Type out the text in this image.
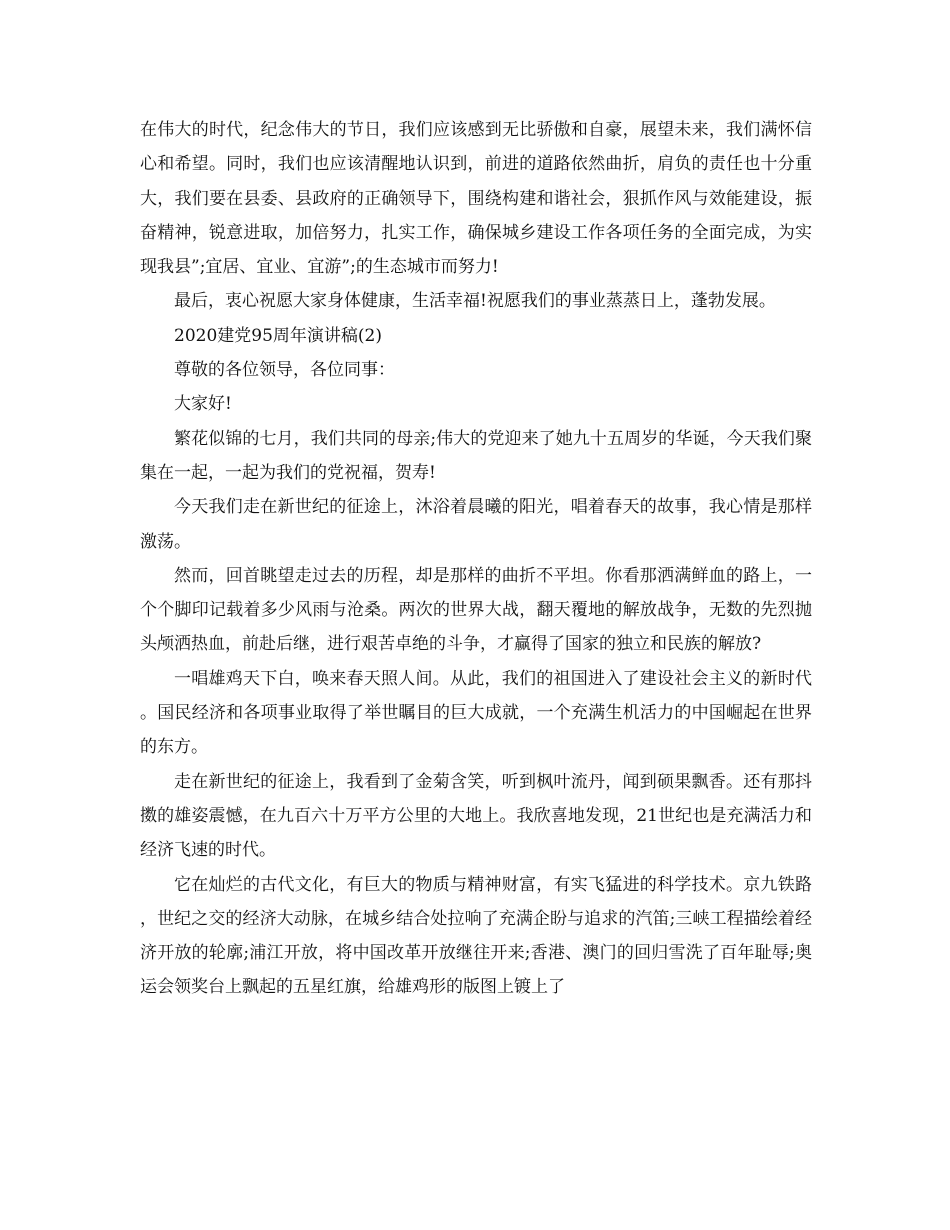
在伟大的时代，纪念伟大的节日，我们应该感到无比骄傲和自豪，展望未来，我们满怀信心和希望。同时，我们也应该清醒地认识到，前进的道路依然曲折，肩负的责任也十分重大，我们要在县委、县政府的正确领导下，围绕构建和谐社会，狠抓作风与效能建设，振奋精神，锐意进取，加倍努力，扎实工作，确保城乡建设工作各项任务的全面完成，为实现我县”;宜居、宜业、宜游”;的生态城市而努力!

最后，衷心祝愿大家身体健康，生活幸福!祝愿我们的事业蒸蒸日上，蓬勃发展。

2020建党95周年演讲稿(2)

尊敬的各位领导，各位同事：

大家好!

繁花似锦的七月，我们共同的母亲;伟大的党迎来了她九十五周岁的华诞，今天我们聚集在一起，一起为我们的党祝福，贺寿!

今天我们走在新世纪的征途上，沐浴着晨曦的阳光，唱着春天的故事，我心情是那样激荡。

然而，回首眺望走过去的历程，却是那样的曲折不平坦。你看那洒满鲜血的路上，一个个脚印记载着多少风雨与沧桑。两次的世界大战，翻天覆地的解放战争，无数的先烈抛头颅洒热血，前赴后继，进行艰苦卓绝的斗争，才赢得了国家的独立和民族的解放?

一唱雄鸡天下白，唤来春天照人间。从此，我们的祖国进入了建设社会主义的新时代。国民经济和各项事业取得了举世瞩目的巨大成就，一个充满生机活力的中国崛起在世界的东方。

走在新世纪的征途上，我看到了金菊含笑，听到枫叶流丹，闻到硕果飘香。还有那抖擞的雄姿震憾，在九百六十万平方公里的大地上。我欣喜地发现，21世纪也是充满活力和经济飞速的时代。

它在灿烂的古代文化，有巨大的物质与精神财富，有实飞猛进的科学技术。京九铁路，世纪之交的经济大动脉，在城乡结合处拉响了充满企盼与追求的汽笛;三峡工程描绘着经济开放的轮廓;浦江开放，将中国改革开放继往开来;香港、澳门的回归雪洗了百年耻辱;奥运会领奖台上飘起的五星红旗，给雄鸡形的版图上镀上了
